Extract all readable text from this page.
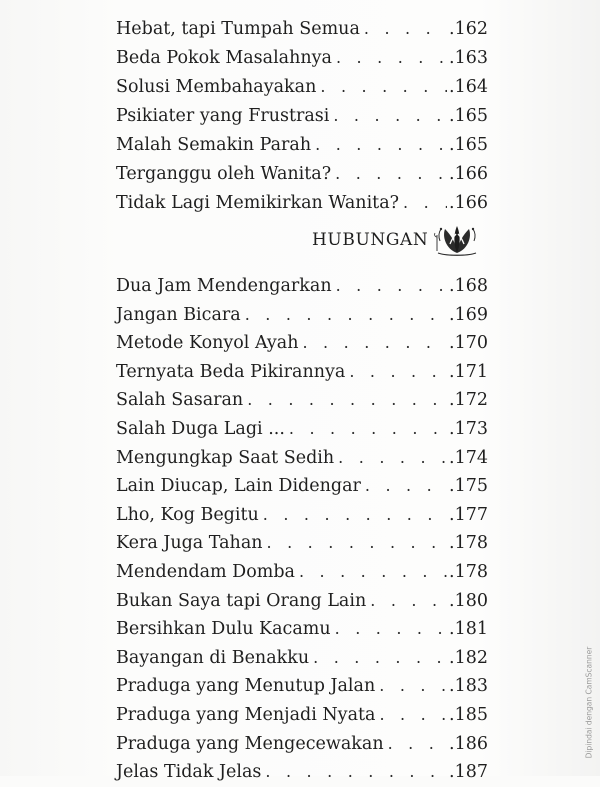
Hebat, tapi Tumpah Semua . . .	.162
Beda Pokok Masalahnya . . .	.163
Solusi Membahayakan . . .	.164
Psikiater yang Frustrasi . . .	.165
Malah Semakin Parah . . .	.165
Terganggu oleh Wanita? . . .	.166
Tidak Lagi Memikirkan Wanita? . . .	.166
HUBUNGAN
Dua Jam Mendengarkan . . .	.168
Jangan Bicara . . .	.169
Metode Konyol Ayah . . .	.170
Ternyata Beda Pikirannya . . .	.171
Salah Sasaran . . .	.172
Salah Duga Lagi ... . . .	.173
Mengungkap Saat Sedih . . .	.174
Lain Diucap, Lain Didengar . . .	.175
Lho, Kog Begitu . . .	.177
Kera Juga Tahan . . .	.178
Mendendam Domba . . .	.178
Bukan Saya tapi Orang Lain . . .	.180
Bersihkan Dulu Kacamu . . .	.181
Bayangan di Benakku . . .	.182
Praduga yang Menutup Jalan . . .	.183
Praduga yang Menjadi Nyata . . .	.185
Praduga yang Mengecewakan . . .	.186
Jelas Tidak Jelas . . .	.187
Dipindai dengan CamScanner
